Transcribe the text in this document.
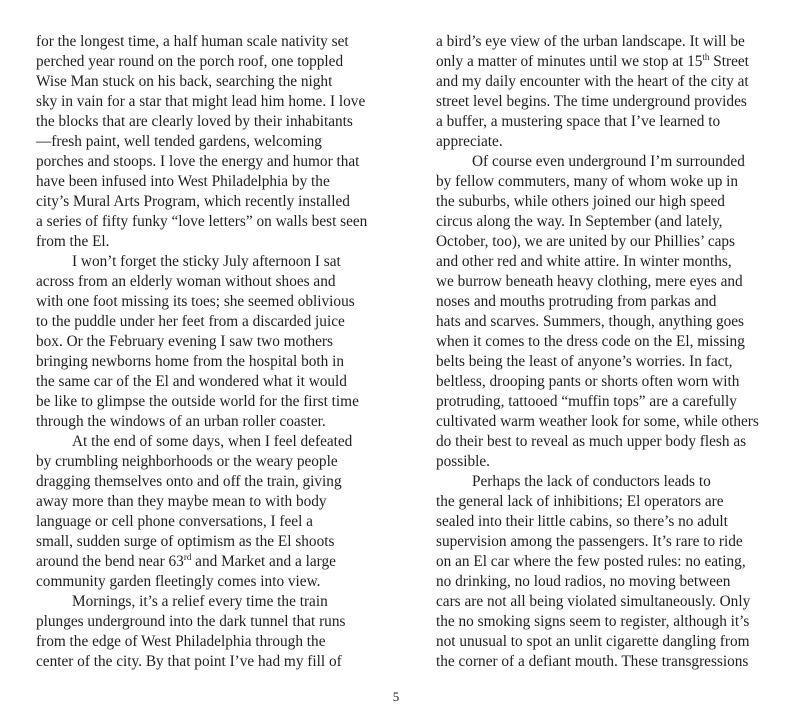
for the longest time, a half human scale nativity set
perched year round on the porch roof, one toppled
Wise Man stuck on his back, searching the night
sky in vain for a star that might lead him home. I love
the blocks that are clearly loved by their inhabitants
—fresh paint, well tended gardens, welcoming
porches and stoops. I love the energy and humor that
have been infused into West Philadelphia by the
city’s Mural Arts Program, which recently installed
a series of fifty funky “love letters” on walls best seen
from the El.
I won’t forget the sticky July afternoon I sat
across from an elderly woman without shoes and
with one foot missing its toes; she seemed oblivious
to the puddle under her feet from a discarded juice
box. Or the February evening I saw two mothers
bringing newborns home from the hospital both in
the same car of the El and wondered what it would
be like to glimpse the outside world for the first time
through the windows of an urban roller coaster.
At the end of some days, when I feel defeated
by crumbling neighborhoods or the weary people
dragging themselves onto and off the train, giving
away more than they maybe mean to with body
language or cell phone conversations, I feel a
small, sudden surge of optimism as the El shoots
around the bend near 63rd and Market and a large
community garden fleetingly comes into view.
Mornings, it’s a relief every time the train
plunges underground into the dark tunnel that runs
from the edge of West Philadelphia through the
center of the city. By that point I’ve had my fill of
a bird’s eye view of the urban landscape. It will be
only a matter of minutes until we stop at 15th Street
and my daily encounter with the heart of the city at
street level begins. The time underground provides
a buffer, a mustering space that I’ve learned to
appreciate.
Of course even underground I’m surrounded
by fellow commuters, many of whom woke up in
the suburbs, while others joined our high speed
circus along the way. In September (and lately,
October, too), we are united by our Phillies’ caps
and other red and white attire. In winter months,
we burrow beneath heavy clothing, mere eyes and
noses and mouths protruding from parkas and
hats and scarves. Summers, though, anything goes
when it comes to the dress code on the El, missing
belts being the least of anyone’s worries. In fact,
beltless, drooping pants or shorts often worn with
protruding, tattooed “muffin tops” are a carefully
cultivated warm weather look for some, while others
do their best to reveal as much upper body flesh as
possible.
Perhaps the lack of conductors leads to
the general lack of inhibitions; El operators are
sealed into their little cabins, so there’s no adult
supervision among the passengers. It’s rare to ride
on an El car where the few posted rules: no eating,
no drinking, no loud radios, no moving between
cars are not all being violated simultaneously. Only
the no smoking signs seem to register, although it’s
not unusual to spot an unlit cigarette dangling from
the corner of a defiant mouth. These transgressions
5
